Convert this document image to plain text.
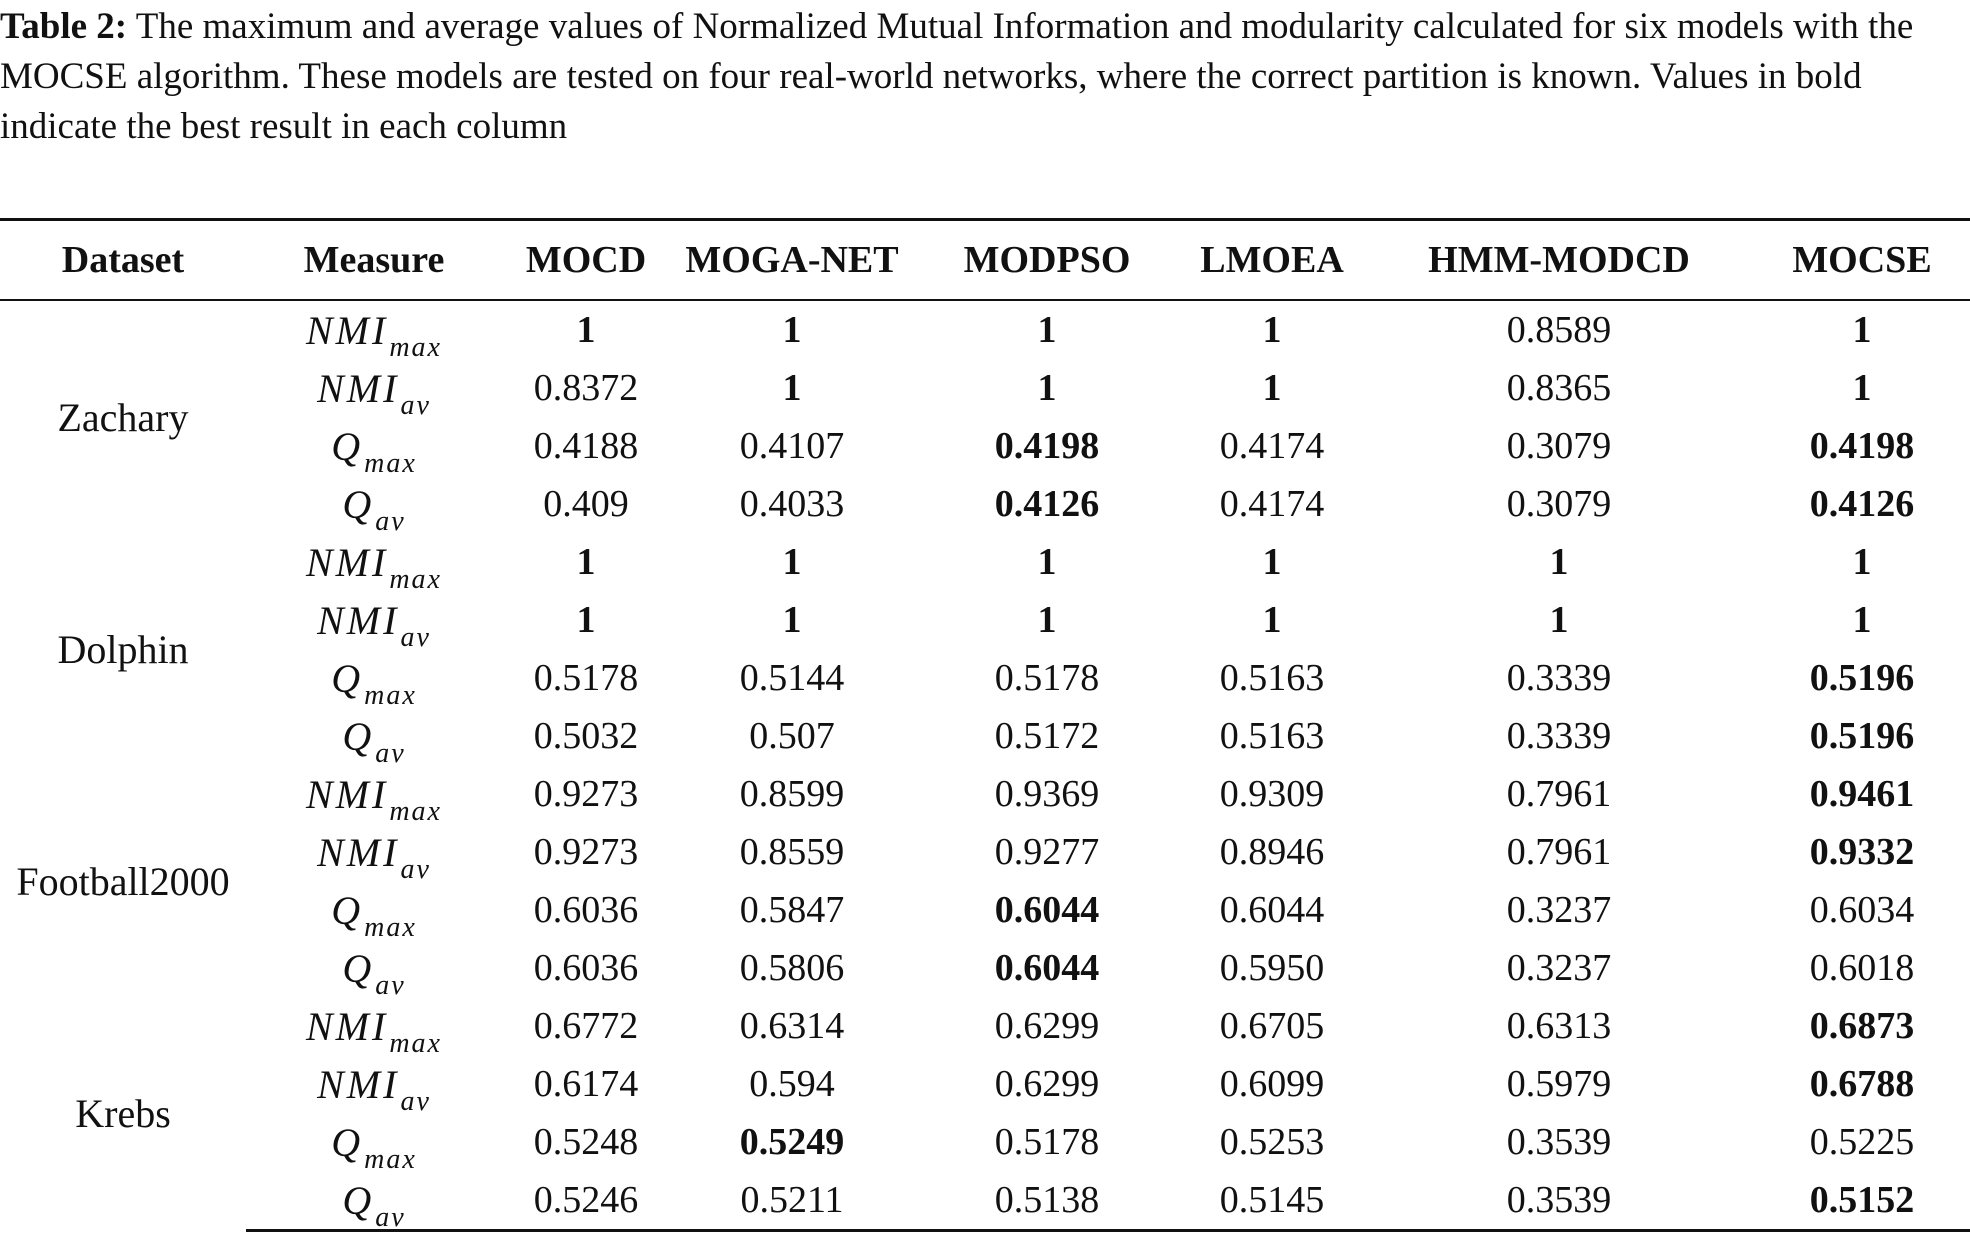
Table 2: The maximum and average values of Normalized Mutual Information and modularity calculated for six models with the MOCSE algorithm. These models are tested on four real-world networks, where the correct partition is known. Values in bold indicate the best result in each column

Dataset	Measure	MOCD	MOGA-NET	MODPSO	LMOEA	HMM-MODCD	MOCSE
Zachary	$NMI_{max}$	1	1	1	1	0.8589	1
	$NMI_{av}$	0.8372	1	1	1	0.8365	1
	$Q_{max}$	0.4188	0.4107	0.4198	0.4174	0.3079	0.4198
	$Q_{av}$	0.409	0.4033	0.4126	0.4174	0.3079	0.4126
Dolphin	$NMI_{max}$	1	1	1	1	1	1
	$NMI_{av}$	1	1	1	1	1	1
	$Q_{max}$	0.5178	0.5144	0.5178	0.5163	0.3339	0.5196
	$Q_{av}$	0.5032	0.507	0.5172	0.5163	0.3339	0.5196
Football2000	$NMI_{max}$	0.9273	0.8599	0.9369	0.9309	0.7961	0.9461
	$NMI_{av}$	0.9273	0.8559	0.9277	0.8946	0.7961	0.9332
	$Q_{max}$	0.6036	0.5847	0.6044	0.6044	0.3237	0.6034
	$Q_{av}$	0.6036	0.5806	0.6044	0.5950	0.3237	0.6018
Krebs	$NMI_{max}$	0.6772	0.6314	0.6299	0.6705	0.6313	0.6873
	$NMI_{av}$	0.6174	0.594	0.6299	0.6099	0.5979	0.6788
	$Q_{max}$	0.5248	0.5249	0.5178	0.5253	0.3539	0.5225
	$Q_{av}$	0.5246	0.5211	0.5138	0.5145	0.3539	0.5152
